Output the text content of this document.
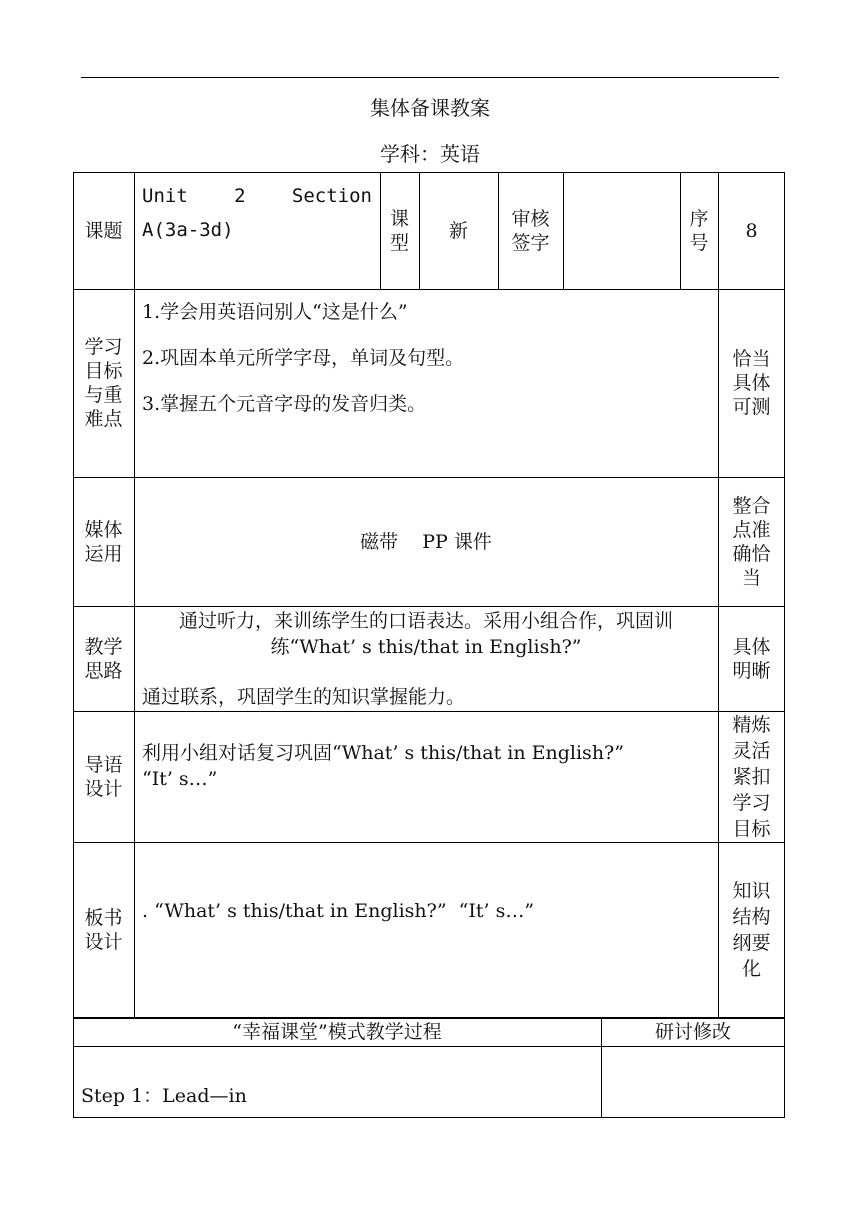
集体备课教案
学科：英语
课题
Unit 2 Section
A(3a-3d)
课型
新
审核签字
序号
8
学习目标与重难点
1.学会用英语问别人“这是什么”
2.巩固本单元所学字母，单词及句型。
3.掌握五个元音字母的发音归类。
恰当具体可测
媒体运用
磁带    PP 课件
整合点准确恰当
教学思路
通过听力，来训练学生的口语表达。采用小组合作，巩固训
练“What’ s this/that in English?”
通过联系，巩固学生的知识掌握能力。
具体明晰
导语设计
利用小组对话复习巩固“What’ s this/that in English?”
“It’ s…”
精炼灵活紧扣学习目标
板书设计
. “What’ s this/that in English?”  “It’ s…”
知识结构纲要化
“幸福课堂”模式教学过程	研讨修改
Step 1：Lead—in
